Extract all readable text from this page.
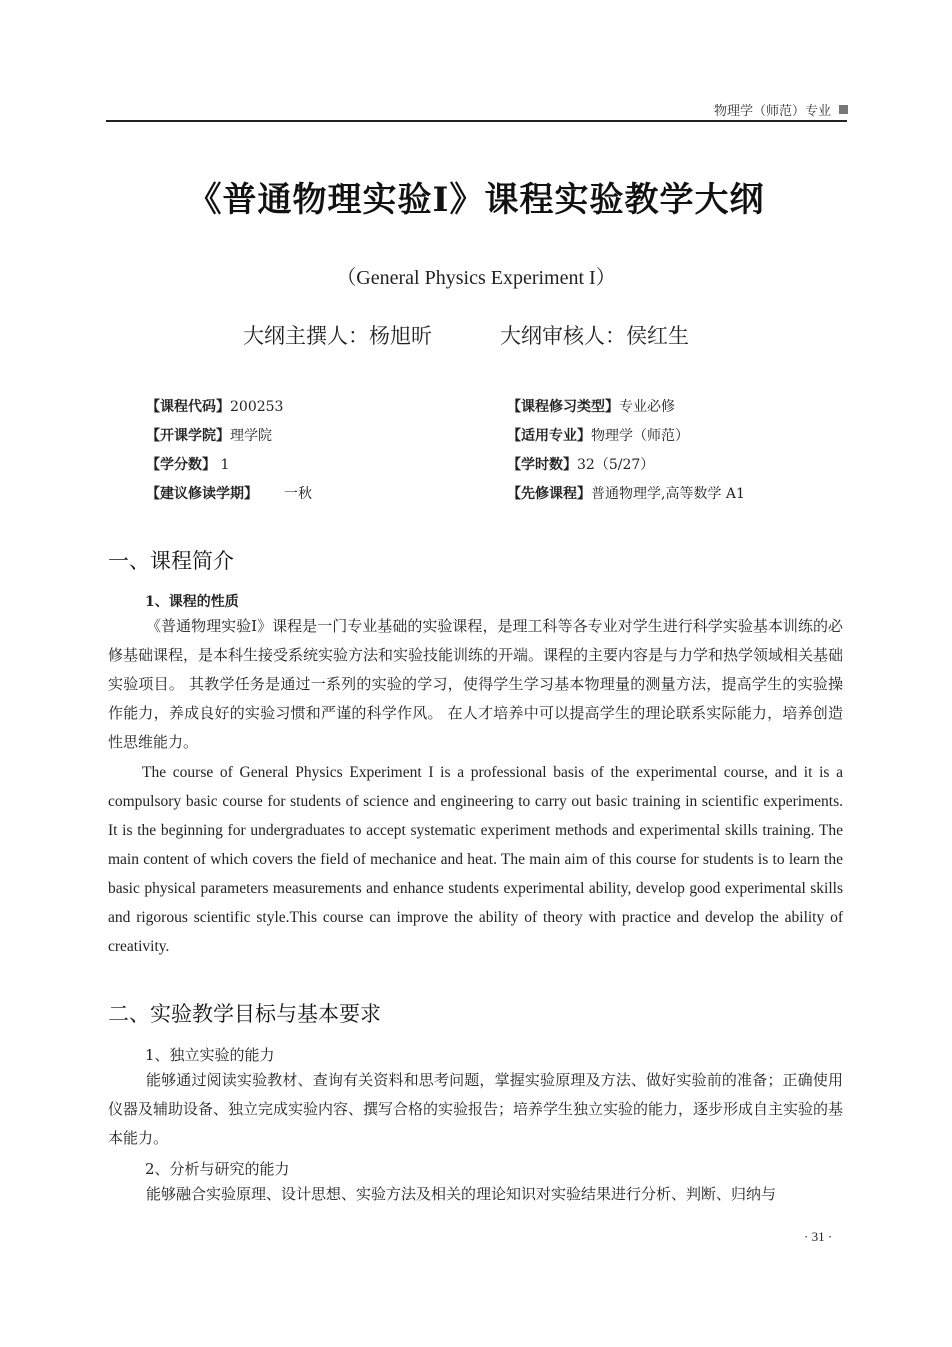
物理学（师范）专业
《普通物理实验Ⅰ》课程实验教学大纲
（General Physics Experiment I）
大纲主撰人：杨旭昕	大纲审核人：侯红生
【课程代码】200253	【课程修习类型】专业必修
【开课学院】理学院	【适用专业】物理学（师范）
【学分数】 1	【学时数】32（5/27）
【建议修读学期】 一秋	【先修课程】普通物理学,高等数学 A1
一、课程简介
1、课程的性质

《普通物理实验Ⅰ》课程是一门专业基础的实验课程，是理工科等各专业对学生进行科学实验基本训练的必修基础课程，是本科生接受系统实验方法和实验技能训练的开端。课程的主要内容是与力学和热学领域相关基础实验项目。 其教学任务是通过一系列的实验的学习，使得学生学习基本物理量的测量方法，提高学生的实验操作能力，养成良好的实验习惯和严谨的科学作风。 在人才培养中可以提高学生的理论联系实际能力，培养创造性思维能力。

The course of General Physics Experiment I is a professional basis of the experimental course, and it is a compulsory basic course for students of science and engineering to carry out basic training in scientific experiments. It is the beginning for undergraduates to accept systematic experiment methods and experimental skills training. The main content of which covers the field of mechanice and heat. The main aim of this course for students is to learn the basic physical parameters measurements and enhance students experimental ability, develop good experimental skills and rigorous scientific style.This course can improve the ability of theory with practice and develop the ability of creativity.

二、实验教学目标与基本要求
1、独立实验的能力

能够通过阅读实验教材、查询有关资料和思考问题，掌握实验原理及方法、做好实验前的准备；正确使用仪器及辅助设备、独立完成实验内容、撰写合格的实验报告；培养学生独立实验的能力，逐步形成自主实验的基本能力。

2、分析与研究的能力

能够融合实验原理、设计思想、实验方法及相关的理论知识对实验结果进行分析、判断、归纳与

· 31 ·
